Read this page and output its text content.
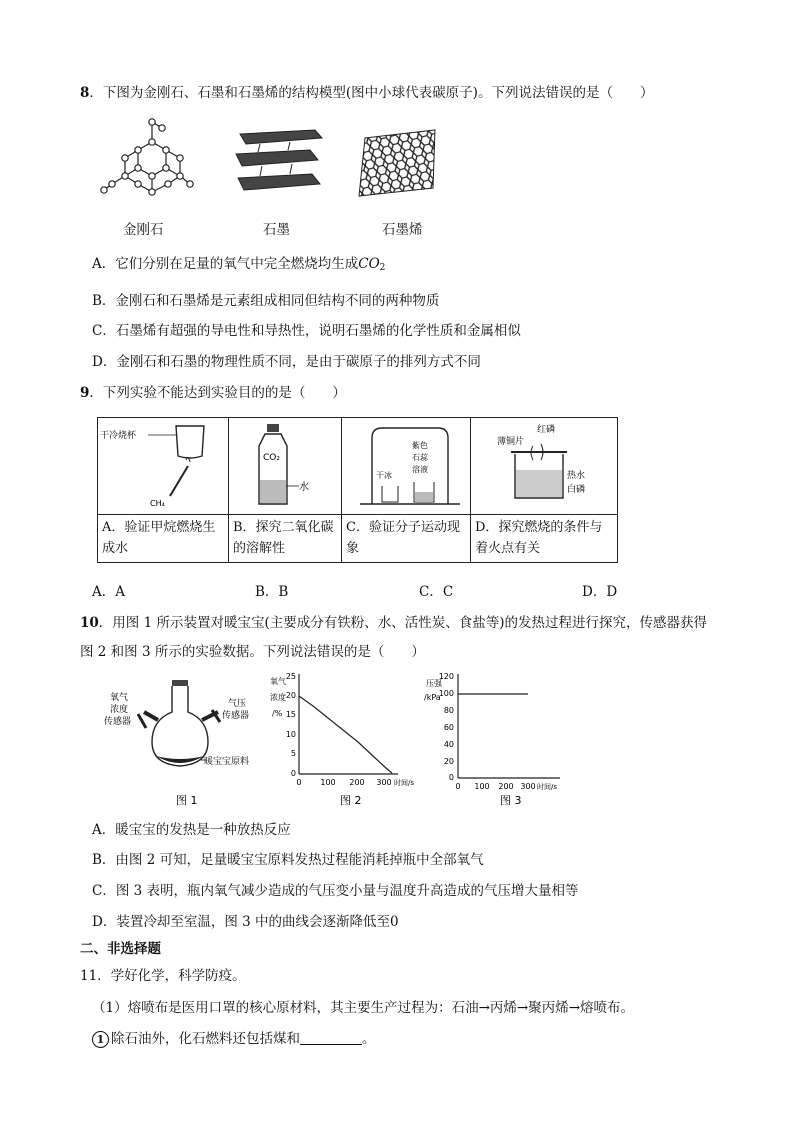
8．下图为金刚石、石墨和石墨烯的结构模型(图中小球代表碳原子)。下列说法错误的是（　　）
金刚石	石墨	石墨烯
A．它们分别在足量的氧气中完全燃烧均生成$CO_2$
B．金刚石和石墨烯是元素组成相同但结构不同的两种物质
C．石墨烯有超强的导电性和导热性，说明石墨烯的化学性质和金属相似
D．金刚石和石墨的物理性质不同，是由于碳原子的排列方式不同
9．下列实验不能达到实验目的的是（　　）
干冷烧杯
CH₄	CO₂
水	紫色
石蕊
溶液
干冰	红磷
薄铜片
热水
白磷

A．验证甲烷燃烧生成水	B．探究二氧化碳的溶解性	C．验证分子运动现象	D．探究燃烧的条件与着火点有关
A．A	B．B	C．C	D．D
10．用图 1 所示装置对暖宝宝(主要成分有铁粉、水、活性炭、食盐等)的发热过程进行探究，传感器获得
图 2 和图 3 所示的实验数据。下列说法错误的是（　　）
氧气
浓度
传感器
气压
传感器
暖宝宝原料
图 1
氧气
浓度
/%
25
20
15
10
5
0
0 100 200 300 时间/s
图 2
压强
/kPa
120
100
80
60
40
20
0
0 100 200 300 时间/s
图 3
A．暖宝宝的发热是一种放热反应
B．由图 2 可知，足量暖宝宝原料发热过程能消耗掉瓶中全部氧气
C．图 3 表明，瓶内氧气减少造成的气压变小量与温度升高造成的气压增大量相等
D．装置冷却至室温，图 3 中的曲线会逐渐降低至0
二、非选择题
11．学好化学，科学防疫。
（1）熔喷布是医用口罩的核心原材料，其主要生产过程为：石油→丙烯→聚丙烯→熔喷布。
1 除石油外，化石燃料还包括煤和	。
